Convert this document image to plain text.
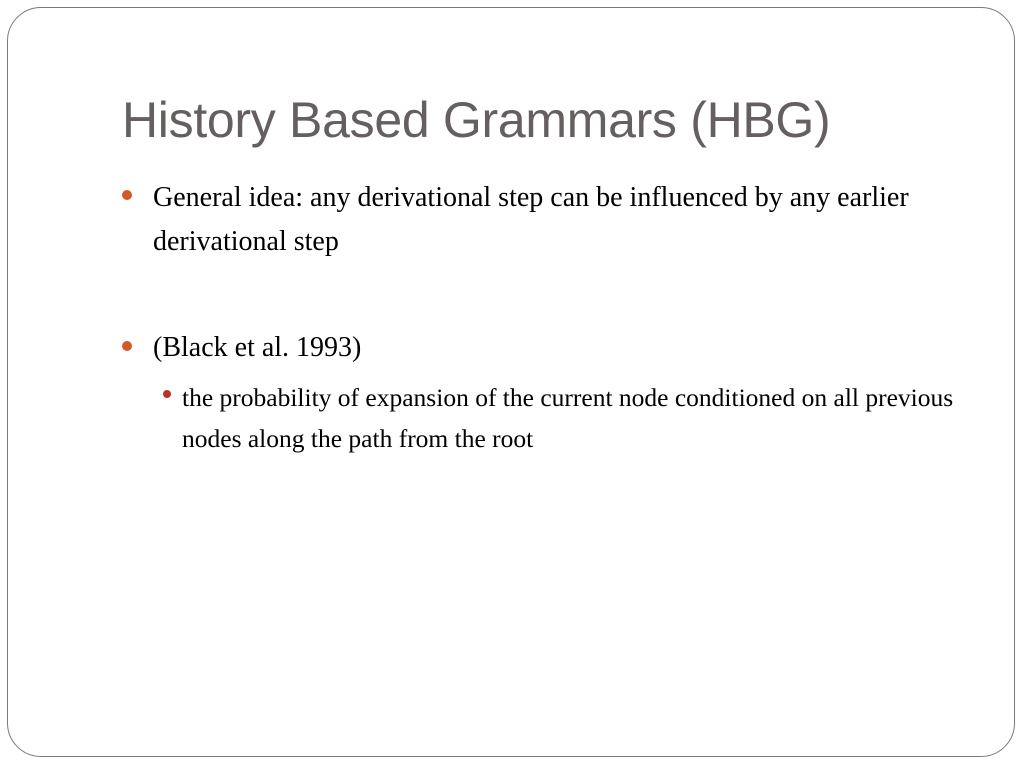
History Based Grammars (HBG)
General idea: any derivational step can be influenced by any earlier derivational step
(Black et al. 1993)
the probability of expansion of the current node conditioned on all previous nodes along the path from the root
